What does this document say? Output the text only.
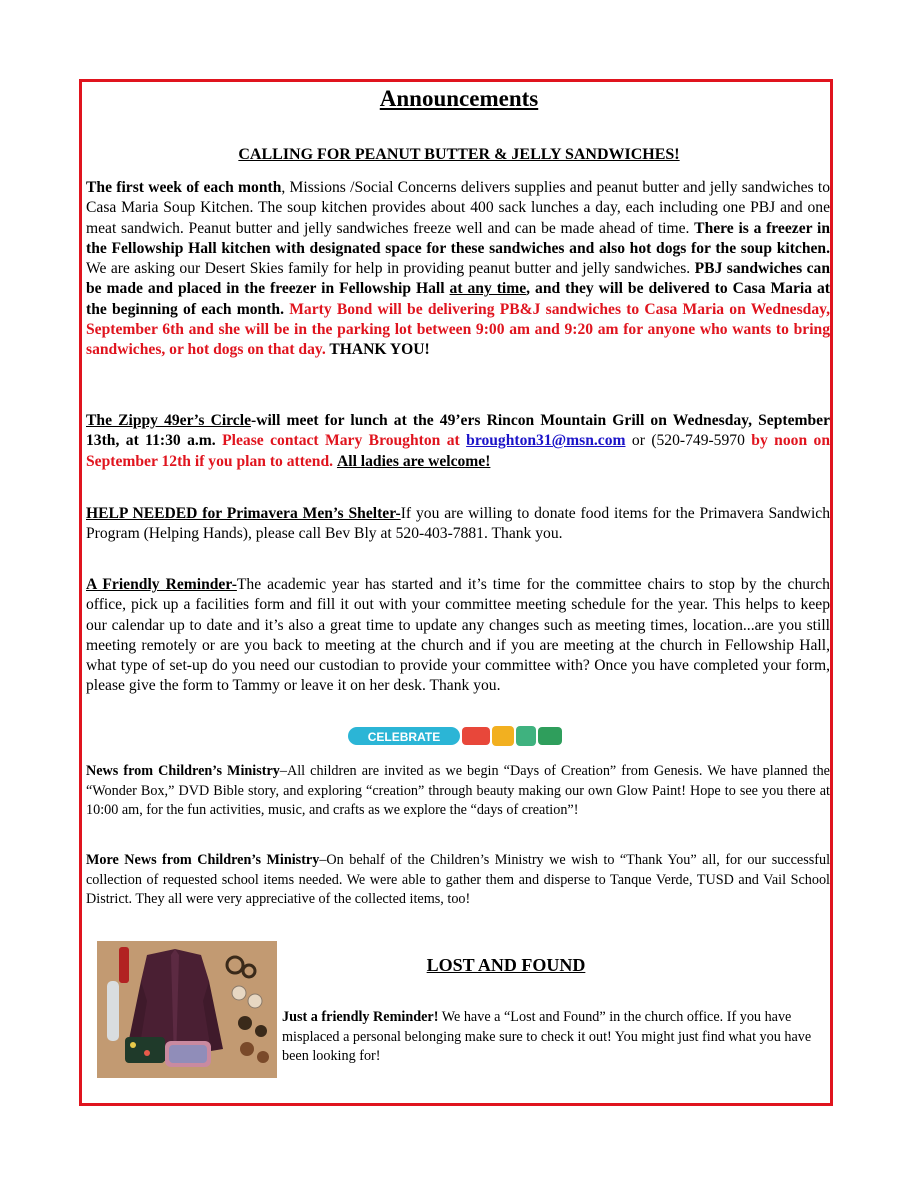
Announcements
CALLING FOR PEANUT BUTTER & JELLY SANDWICHES!

The first week of each month, Missions /Social Concerns delivers supplies and peanut butter and jelly sandwiches to Casa Maria Soup Kitchen. The soup kitchen provides about 400 sack lunches a day, each including one PBJ and one meat sandwich. Peanut butter and jelly sandwiches freeze well and can be made ahead of time. There is a freezer in the Fellowship Hall kitchen with designated space for these sandwiches and also hot dogs for the soup kitchen. We are asking our Desert Skies family for help in providing peanut butter and jelly sandwiches. PBJ sandwiches can be made and placed in the freezer in Fellowship Hall at any time, and they will be delivered to Casa Maria at the beginning of each month. Marty Bond will be delivering PB&J sandwiches to Casa Maria on Wednesday, September 6th and she will be in the parking lot between 9:00 am and 9:20 am for anyone who wants to bring sandwiches, or hot dogs on that day. THANK YOU!

The Zippy 49er’s Circle-will meet for lunch at the 49’ers Rincon Mountain Grill on Wednesday, September 13th, at 11:30 a.m. Please contact Mary Broughton at broughton31@msn.com or (520-749-5970 by noon on September 12th if you plan to attend. All ladies are welcome!

HELP NEEDED for Primavera Men’s Shelter-If you are willing to donate food items for the Primavera Sandwich Program (Helping Hands), please call Bev Bly at 520-403-7881. Thank you.

A Friendly Reminder-The academic year has started and it’s time for the committee chairs to stop by the church office, pick up a facilities form and fill it out with your committee meeting schedule for the year. This helps to keep our calendar up to date and it’s also a great time to update any changes such as meeting times, location...are you still meeting remotely or are you back to meeting at the church and if you are meeting at the church in Fellowship Hall, what type of set-up do you need our custodian to provide your committee with? Once you have completed your form, please give the form to Tammy or leave it on her desk. Thank you.

CELEBRATE

News from Children’s Ministry–All children are invited as we begin “Days of Creation” from Genesis. We have planned the “Wonder Box,” DVD Bible story, and exploring “creation” through beauty making our own Glow Paint! Hope to see you there at 10:00 am, for the fun activities, music, and crafts as we explore the “days of creation”!

More News from Children’s Ministry–On behalf of the Children’s Ministry we wish to “Thank You” all, for our successful collection of requested school items needed. We were able to gather them and disperse to Tanque Verde, TUSD and Vail School District. They all were very appreciative of the collected items, too!

LOST AND FOUND

Just a friendly Reminder! We have a “Lost and Found” in the church office. If you have misplaced a personal belonging make sure to check it out! You might just find what you have been looking for!
